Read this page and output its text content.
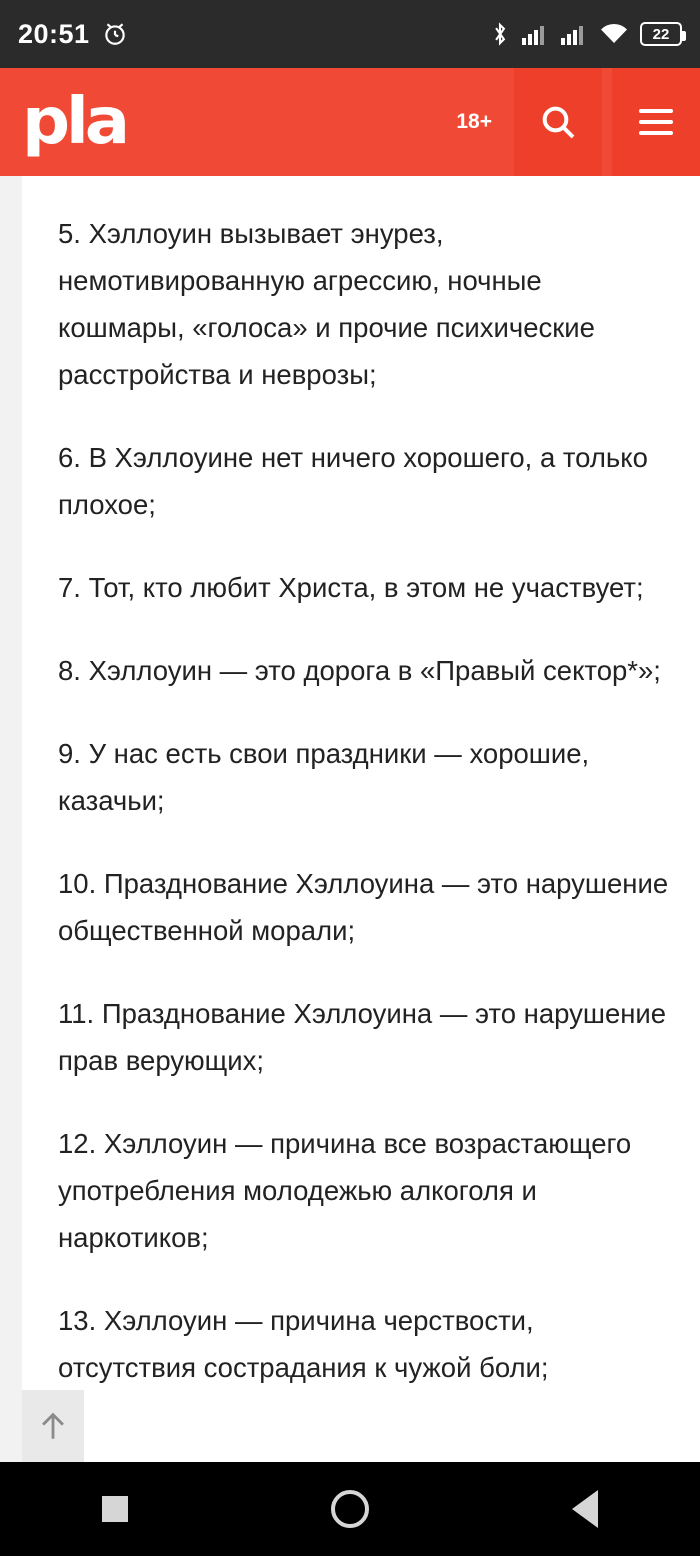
20:51	22
pla	18+

5. Хэллоуин вызывает энурез, немотивированную агрессию, ночные кошмары, «голоса» и прочие психические расстройства и неврозы;

6. В Хэллоуине нет ничего хорошего, а только плохое;

7. Тот, кто любит Христа, в этом не участвует;

8. Хэллоуин — это дорога в «Правый сектор*»;

9. У нас есть свои праздники — хорошие, казачьи;

10. Празднование Хэллоуина — это нарушение общественной морали;

11. Празднование Хэллоуина — это нарушение прав верующих;

12. Хэллоуин — причина все возрастающего употребления молодежью алкоголя и наркотиков;

13. Хэллоуин — причина черствости, отсутствия сострадания к чужой боли;
